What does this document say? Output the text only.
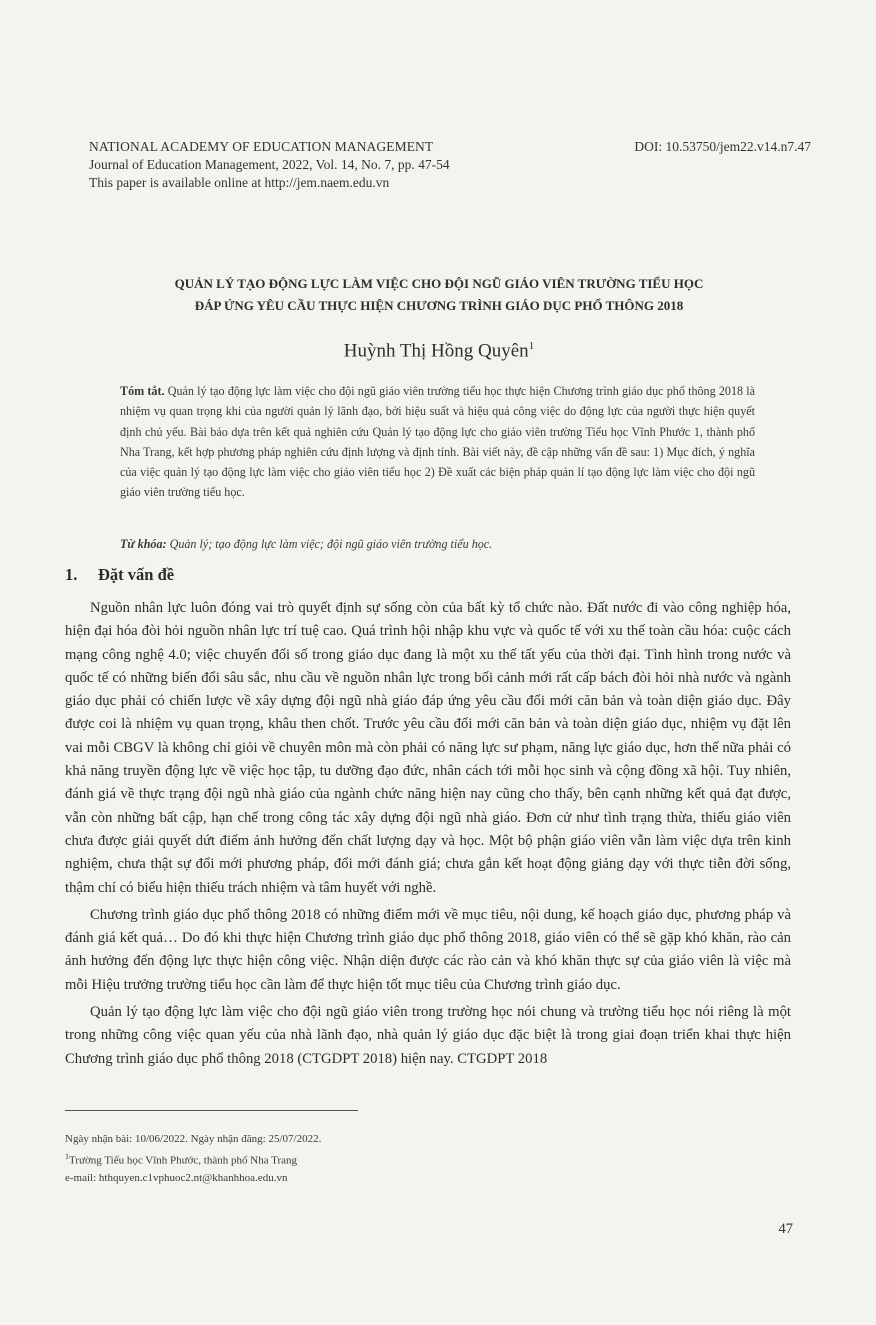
NATIONAL ACADEMY OF EDUCATION MANAGEMENT
Journal of Education Management, 2022, Vol. 14, No. 7, pp. 47-54
This paper is available online at http://jem.naem.edu.vn
DOI: 10.53750/jem22.v14.n7.47
QUẢN LÝ TẠO ĐỘNG LỰC LÀM VIỆC CHO ĐỘI NGŨ GIÁO VIÊN TRƯỜNG TIỂU HỌC
ĐÁP ỨNG YÊU CẦU THỰC HIỆN CHƯƠNG TRÌNH GIÁO DỤC PHỔ THÔNG 2018
Huỳnh Thị Hồng Quyên$^1$
Tóm tắt. Quản lý tạo động lực làm việc cho đội ngũ giáo viên trường tiểu học thực hiện Chương trình giáo dục phổ thông 2018 là nhiệm vụ quan trọng khi của người quản lý lãnh đạo, bởi hiệu suất và hiệu quả công việc do động lực của người thực hiện quyết định chủ yếu. Bài báo dựa trên kết quả nghiên cứu Quản lý tạo động lực cho giáo viên trường Tiểu học Vĩnh Phước 1, thành phố Nha Trang, kết hợp phương pháp nghiên cứu định lượng và định tính. Bài viết này, đề cập những vấn đề sau: 1) Mục đích, ý nghĩa của việc quản lý tạo động lực làm việc cho giáo viên tiểu học 2) Đề xuất các biện pháp quản lí tạo động lực làm việc cho đội ngũ giáo viên trường tiểu học.
Từ khóa: Quản lý; tạo động lực làm việc; đội ngũ giáo viên trường tiểu học.
1. Đặt vấn đề

Nguồn nhân lực luôn đóng vai trò quyết định sự sống còn của bất kỳ tổ chức nào. Đất nước đi vào công nghiệp hóa, hiện đại hóa đòi hỏi nguồn nhân lực trí tuệ cao. Quá trình hội nhập khu vực và quốc tế với xu thế toàn cầu hóa: cuộc cách mạng công nghệ 4.0; việc chuyển đổi số trong giáo dục đang là một xu thế tất yếu của thời đại. Tình hình trong nước và quốc tế có những biến đổi sâu sắc, nhu cầu về nguồn nhân lực trong bối cảnh mới rất cấp bách đòi hỏi nhà nước và ngành giáo dục phải có chiến lược về xây dựng đội ngũ nhà giáo đáp ứng yêu cầu đổi mới căn bản và toàn diện giáo dục. Đây được coi là nhiệm vụ quan trọng, khâu then chốt. Trước yêu cầu đổi mới căn bản và toàn diện giáo dục, nhiệm vụ đặt lên vai mỗi CBGV là không chỉ giỏi về chuyên môn mà còn phải có năng lực sư phạm, năng lực giáo dục, hơn thế nữa phải có khả năng truyền động lực về việc học tập, tu dưỡng đạo đức, nhân cách tới mỗi học sinh và cộng đồng xã hội. Tuy nhiên, đánh giá về thực trạng đội ngũ nhà giáo của ngành chức năng hiện nay cũng cho thấy, bên cạnh những kết quả đạt được, vẫn còn những bất cập, hạn chế trong công tác xây dựng đội ngũ nhà giáo. Đơn cử như tình trạng thừa, thiếu giáo viên chưa được giải quyết dứt điểm ảnh hưởng đến chất lượng dạy và học. Một bộ phận giáo viên vẫn làm việc dựa trên kinh nghiệm, chưa thật sự đổi mới phương pháp, đổi mới đánh giá; chưa gắn kết hoạt động giảng dạy với thực tiễn đời sống, thậm chí có biểu hiện thiếu trách nhiệm và tâm huyết với nghề.

Chương trình giáo dục phổ thông 2018 có những điểm mới về mục tiêu, nội dung, kế hoạch giáo dục, phương pháp và đánh giá kết quả… Do đó khi thực hiện Chương trình giáo dục phổ thông 2018, giáo viên có thể sẽ gặp khó khăn, rào cản ảnh hưởng đến động lực thực hiện công việc. Nhận diện được các rào cản và khó khăn thực sự của giáo viên là việc mà mỗi Hiệu trưởng trường tiểu học cần làm để thực hiện tốt mục tiêu của Chương trình giáo dục.

Quản lý tạo động lực làm việc cho đội ngũ giáo viên trong trường học nói chung và trường tiểu học nói riêng là một trong những công việc quan yếu của nhà lãnh đạo, nhà quản lý giáo dục đặc biệt là trong giai đoạn triển khai thực hiện Chương trình giáo dục phổ thông 2018 (CTGDPT 2018) hiện nay. CTGDPT 2018

Ngày nhận bài: 10/06/2022. Ngày nhận đăng: 25/07/2022.
$^1$Trường Tiểu học Vĩnh Phước, thành phố Nha Trang
e-mail: hthquyen.c1vphuoc2.nt@khanhhoa.edu.vn
47
